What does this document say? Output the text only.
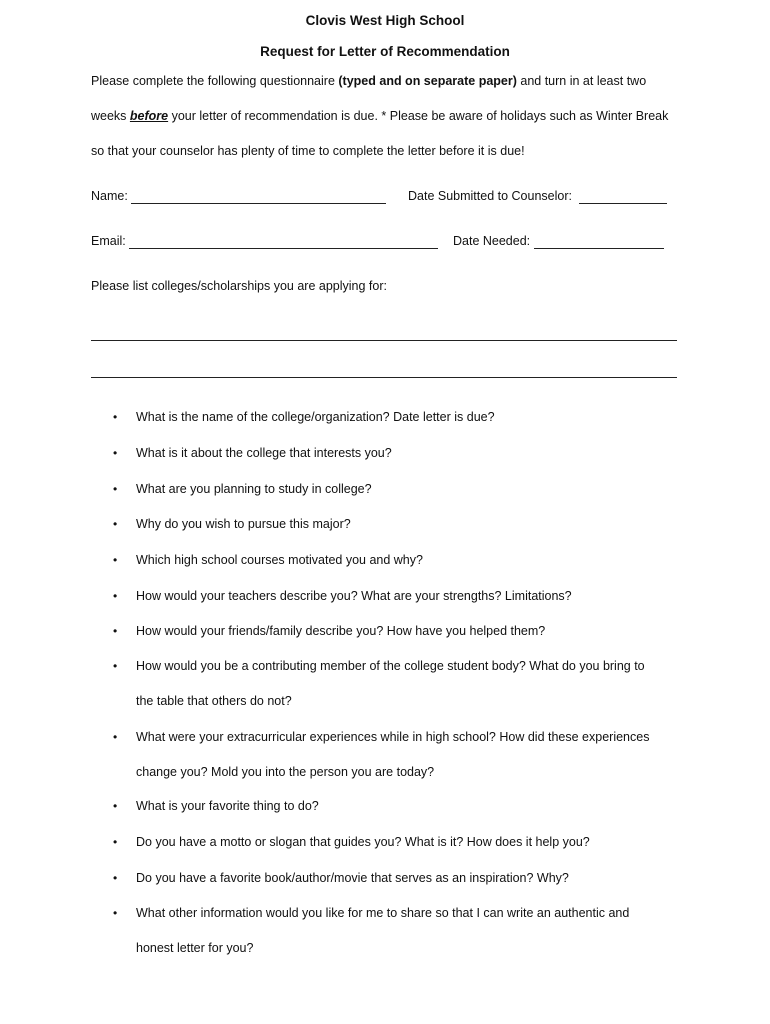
Clovis West High School
Request for Letter of Recommendation
Please complete the following questionnaire (typed and on separate paper) and turn in at least two
weeks before your letter of recommendation is due. * Please be aware of holidays such as Winter Break
so that your counselor has plenty of time to complete the letter before it is due!
Name:	Date Submitted to Counselor:
Email:	Date Needed:
Please list colleges/scholarships you are applying for:
• What is the name of the college/organization? Date letter is due?
• What is it about the college that interests you?
• What are you planning to study in college?
• Why do you wish to pursue this major?
• Which high school courses motivated you and why?
• How would your teachers describe you? What are your strengths? Limitations?
• How would your friends/family describe you? How have you helped them?
• How would you be a contributing member of the college student body? What do you bring to
the table that others do not?
• What were your extracurricular experiences while in high school? How did these experiences
change you? Mold you into the person you are today?
• What is your favorite thing to do?
• Do you have a motto or slogan that guides you? What is it? How does it help you?
• Do you have a favorite book/author/movie that serves as an inspiration? Why?
• What other information would you like for me to share so that I can write an authentic and
honest letter for you?
